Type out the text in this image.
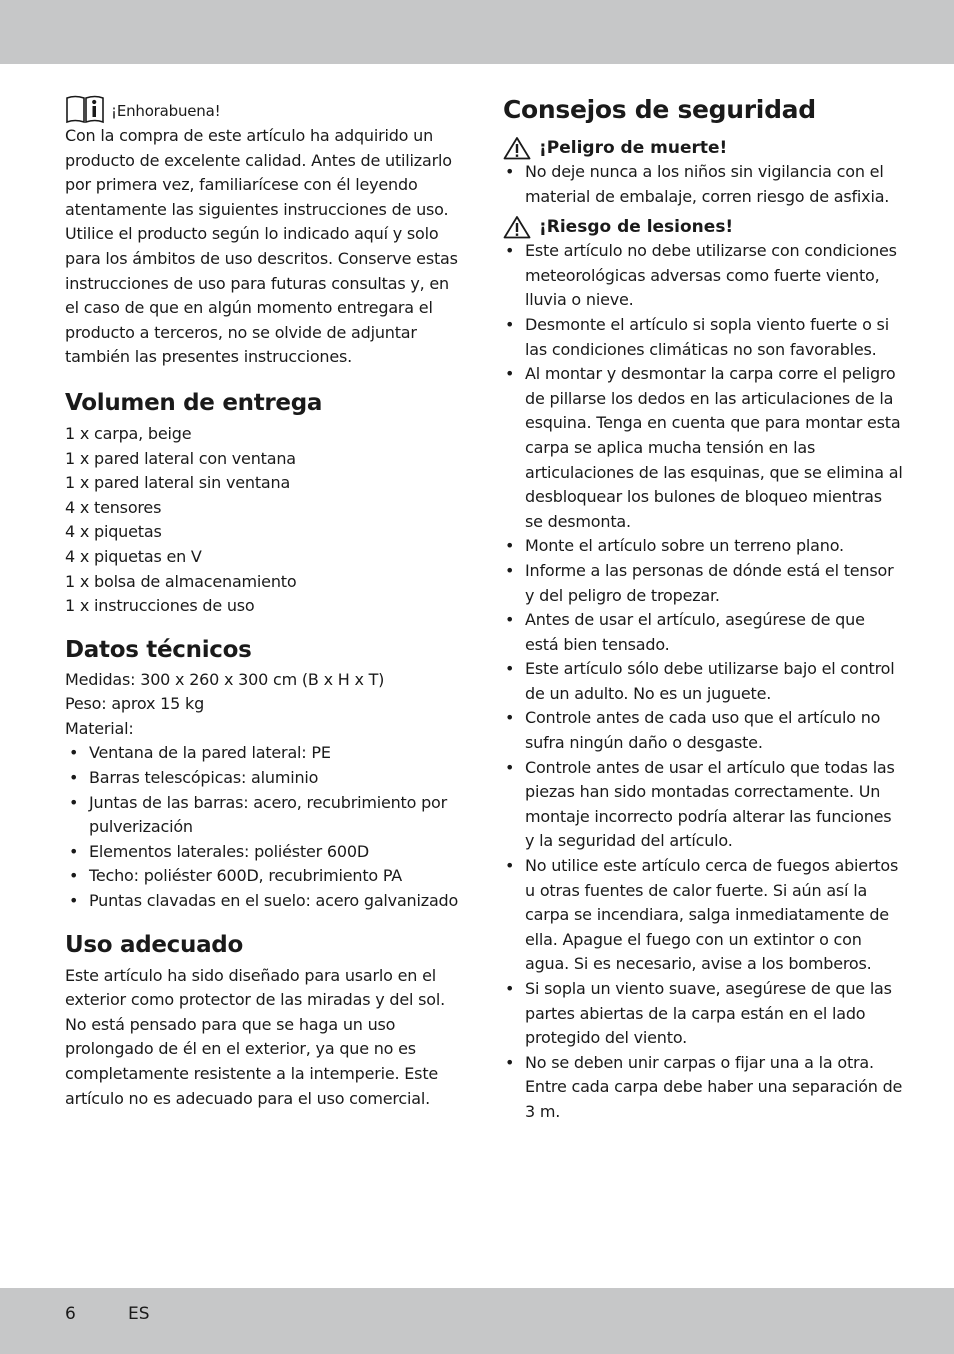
¡Enhorabuena!

Con la compra de este artículo ha adquirido un producto de excelente calidad. Antes de utilizarlo por primera vez, familiarícese con él leyendo atentamente las siguientes instrucciones de uso. Utilice el producto según lo indicado aquí y solo para los ámbitos de uso descritos. Conserve estas instrucciones de uso para futuras consultas y, en el caso de que en algún momento entregara el producto a terceros, no se olvide de adjuntar también las presentes instrucciones.

Volumen de entrega

1 x carpa, beige

1 x pared lateral con ventana

1 x pared lateral sin ventana

4 x tensores

4 x piquetas

4 x piquetas en V

1 x bolsa de almacenamiento

1 x instrucciones de uso

Datos técnicos

Medidas: 300 x 260 x 300 cm (B x H x T)

Peso: aprox 15 kg

Material:

• Ventana de la pared lateral: PE
• Barras telescópicas: aluminio
• Juntas de las barras: acero, recubrimiento por pulverización
• Elementos laterales: poliéster 600D
• Techo: poliéster 600D, recubrimiento PA
• Puntas clavadas en el suelo: acero galvanizado
Uso adecuado

Este artículo ha sido diseñado para usarlo en el exterior como protector de las miradas y del sol. No está pensado para que se haga un uso prolongado de él en el exterior, ya que no es completamente resistente a la intemperie. Este artículo no es adecuado para el uso comercial.

Consejos de seguridad
¡Peligro de muerte!
• No deje nunca a los niños sin vigilancia con el material de embalaje, corren riesgo de asfixia.
¡Riesgo de lesiones!
• Este artículo no debe utilizarse con condiciones meteorológicas adversas como fuerte viento, lluvia o nieve.
• Desmonte el artículo si sopla viento fuerte o si las condiciones climáticas no son favorables.
• Al montar y desmontar la carpa corre el peligro de pillarse los dedos en las articulaciones de la esquina. Tenga en cuenta que para montar esta carpa se aplica mucha tensión en las articulaciones de las esquinas, que se elimina al desbloquear los bulones de bloqueo mientras se desmonta.
• Monte el artículo sobre un terreno plano.
• Informe a las personas de dónde está el tensor y del peligro de tropezar.
• Antes de usar el artículo, asegúrese de que está bien tensado.
• Este artículo sólo debe utilizarse bajo el control de un adulto. No es un juguete.
• Controle antes de cada uso que el artículo no sufra ningún daño o desgaste.
• Controle antes de usar el artículo que todas las piezas han sido montadas correctamente. Un montaje incorrecto podría alterar las funciones y la seguridad del artículo.
• No utilice este artículo cerca de fuegos abiertos u otras fuentes de calor fuerte. Si aún así la carpa se incendiara, salga inmediatamente de ella. Apague el fuego con un extintor o con agua. Si es necesario, avise a los bomberos.
• Si sopla un viento suave, asegúrese de que las partes abiertas de la carpa están en el lado protegido del viento.
• No se deben unir carpas o fijar una a la otra. Entre cada carpa debe haber una separación de 3 m.
6	ES
